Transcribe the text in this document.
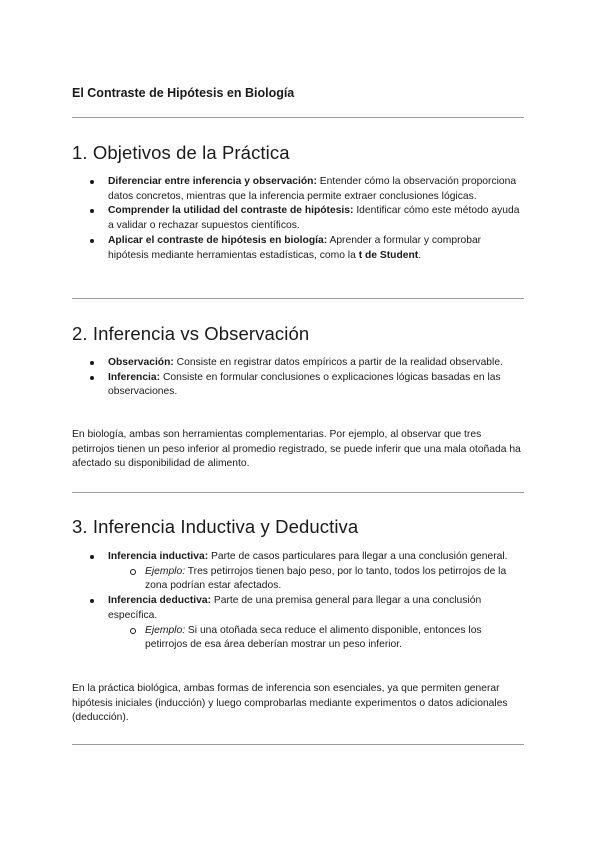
El Contraste de Hipótesis en Biología
1. Objetivos de la Práctica
Diferenciar entre inferencia y observación: Entender cómo la observación proporciona datos concretos, mientras que la inferencia permite extraer conclusiones lógicas.
Comprender la utilidad del contraste de hipótesis: Identificar cómo este método ayuda a validar o rechazar supuestos científicos.
Aplicar el contraste de hipótesis en biología: Aprender a formular y comprobar hipótesis mediante herramientas estadísticas, como la t de Student.
2. Inferencia vs Observación
Observación: Consiste en registrar datos empíricos a partir de la realidad observable.
Inferencia: Consiste en formular conclusiones o explicaciones lógicas basadas en las observaciones.

En biología, ambas son herramientas complementarias. Por ejemplo, al observar que tres petirrojos tienen un peso inferior al promedio registrado, se puede inferir que una mala otoñada ha afectado su disponibilidad de alimento.

3. Inferencia Inductiva y Deductiva
Inferencia inductiva: Parte de casos particulares para llegar a una conclusión general.
Ejemplo: Tres petirrojos tienen bajo peso, por lo tanto, todos los petirrojos de la zona podrían estar afectados.
Inferencia deductiva: Parte de una premisa general para llegar a una conclusión específica.
Ejemplo: Si una otoñada seca reduce el alimento disponible, entonces los petirrojos de esa área deberían mostrar un peso inferior.

En la práctica biológica, ambas formas de inferencia son esenciales, ya que permiten generar hipótesis iniciales (inducción) y luego comprobarlas mediante experimentos o datos adicionales (deducción).
